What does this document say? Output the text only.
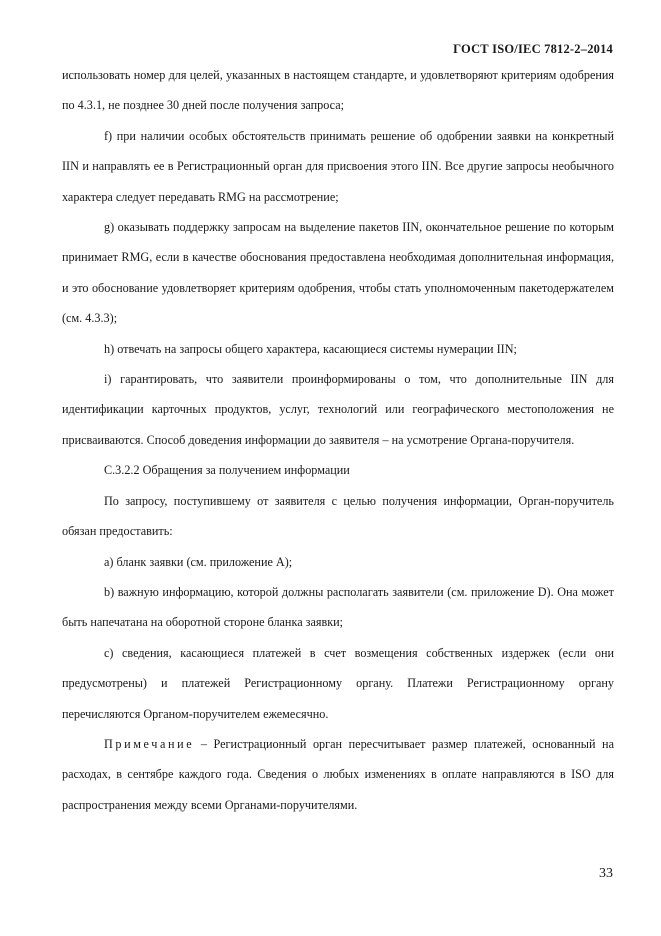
ГОСТ ISO/IEC 7812-2–2014

использовать номер для целей, указанных в настоящем стандарте, и удовлетворяют критериям одобрения по 4.3.1, не позднее 30 дней после получения запроса;

f) при наличии особых обстоятельств принимать решение об одобрении заявки на конкретный IIN и направлять ее в Регистрационный орган для присвоения этого IIN. Все другие запросы необычного характера следует передавать RMG на рассмотрение;

g) оказывать поддержку запросам на выделение пакетов IIN, окончательное решение по которым принимает RMG, если в качестве обоснования предоставлена необходимая дополнительная информация, и это обоснование удовлетворяет критериям одобрения, чтобы стать уполномоченным пакетодержателем (см. 4.3.3);

h) отвечать на запросы общего характера, касающиеся системы нумерации IIN;

i) гарантировать, что заявители проинформированы о том, что дополнительные IIN для идентификации карточных продуктов, услуг, технологий или географического местоположения не присваиваются. Способ доведения информации до заявителя – на усмотрение Органа-поручителя.

С.3.2.2 Обращения за получением информации

По запросу, поступившему от заявителя с целью получения информации, Орган-поручитель обязан предоставить:

a) бланк заявки (см. приложение А);

b) важную информацию, которой должны располагать заявители (см. приложение D). Она может быть напечатана на оборотной стороне бланка заявки;

c) сведения, касающиеся платежей в счет возмещения собственных издержек (если они предусмотрены) и платежей Регистрационному органу. Платежи Регистрационному органу перечисляются Органом-поручителем ежемесячно.

Примечание – Регистрационный орган пересчитывает размер платежей, основанный на расходах, в сентябре каждого года. Сведения о любых изменениях в оплате направляются в ISO для распространения между всеми Органами-поручителями.

33
